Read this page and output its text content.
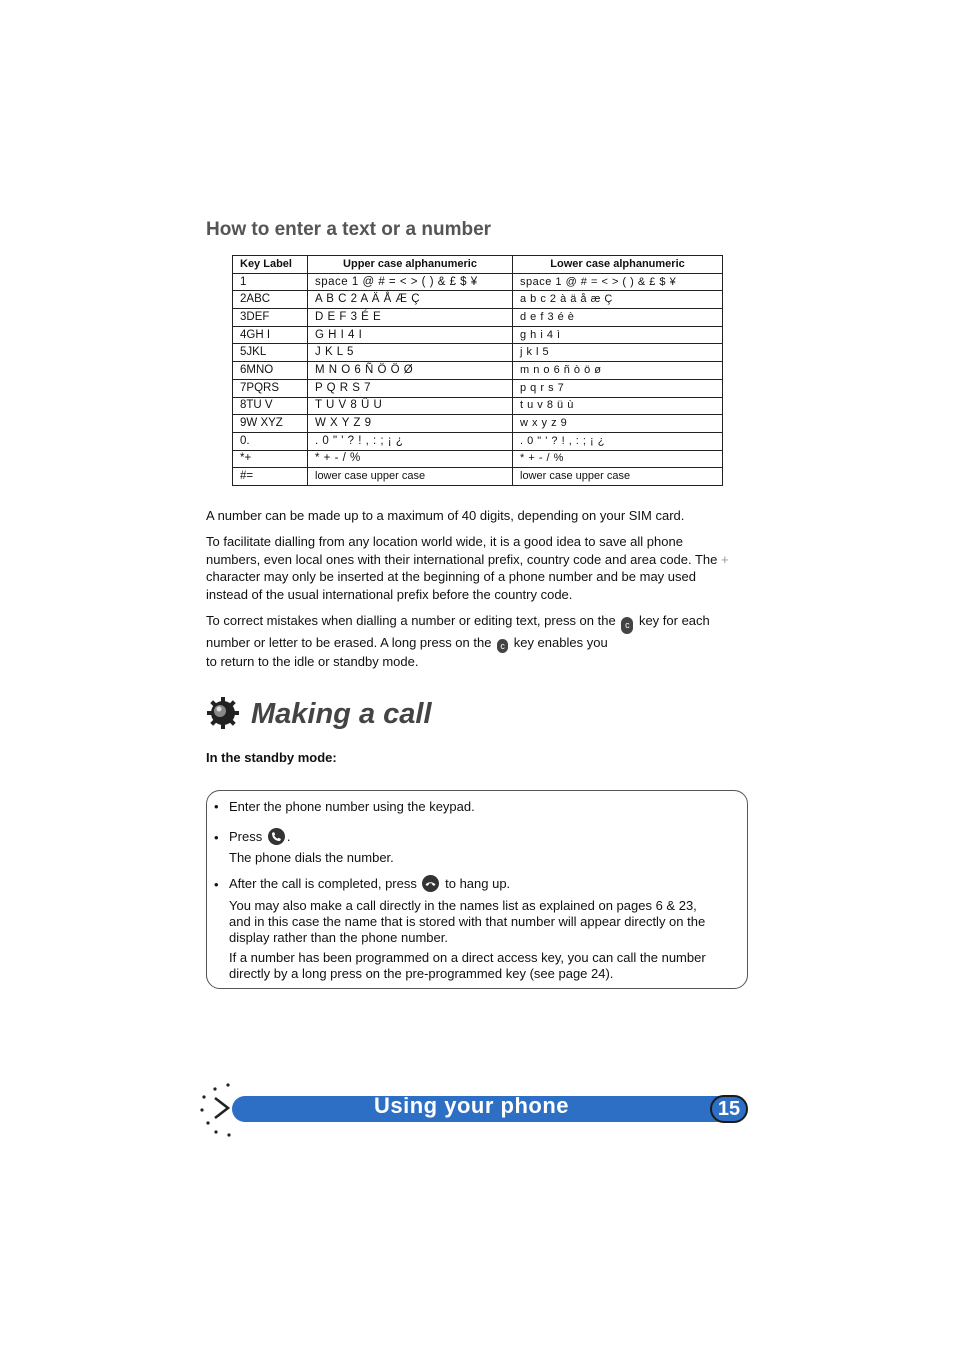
How to enter a text or a number
Key Label	Upper case alphanumeric	Lower case alphanumeric
1	space 1 @ # = < > ( ) & £ $ ¥	space 1 @ # = < > ( ) & £ $ ¥
2ABC	A B C 2 A Ä Å Æ Ç	a b c 2 à ä å æ Ç
3DEF	D E F 3 É E	d e f 3 é è
4GH I	G H I 4 I	g h i 4 ì
5JKL	J K L 5	j k l 5
6MNO	M N O 6 Ñ Ö Ö Ø	m n o 6 ñ ò ö ø
7PQRS	P Q R S 7	p q r s 7
8TU V	T U V 8 Ü U	t u v 8 ü ù
9W XYZ	W X Y Z 9	w x y z 9
0.	. 0 " ' ? ! , : ; ¡ ¿	. 0 " ' ? ! , : ; ¡ ¿
*+	* + - / %	* + - / %
#=	lower case upper case	lower case upper case

A number can be made up to a maximum of 40 digits, depending on your SIM card.

To facilitate dialling from any location world wide, it is a good idea to save all phone numbers, even local ones with their international prefix, country code and area code. The + character may only be inserted at the beginning of a phone number and be may used instead of the usual international prefix before the country code.

To correct mistakes when dialling a number or editing text, press on the c key for each number or letter to be erased. A long press on the c key enables you
to return to the idle or standby mode.

Making a call

In the standby mode:

• Enter the phone number using the keypad.

• Press .

The phone dials the number.

• After the call is completed, press to hang up.

You may also make a call directly in the names list as explained on pages 6 & 23, and in this case the name that is stored with that number will appear directly on the display rather than the phone number.

If a number has been programmed on a direct access key, you can call the number directly by a long press on the pre-programmed key (see page 24).

Using your phone	15
